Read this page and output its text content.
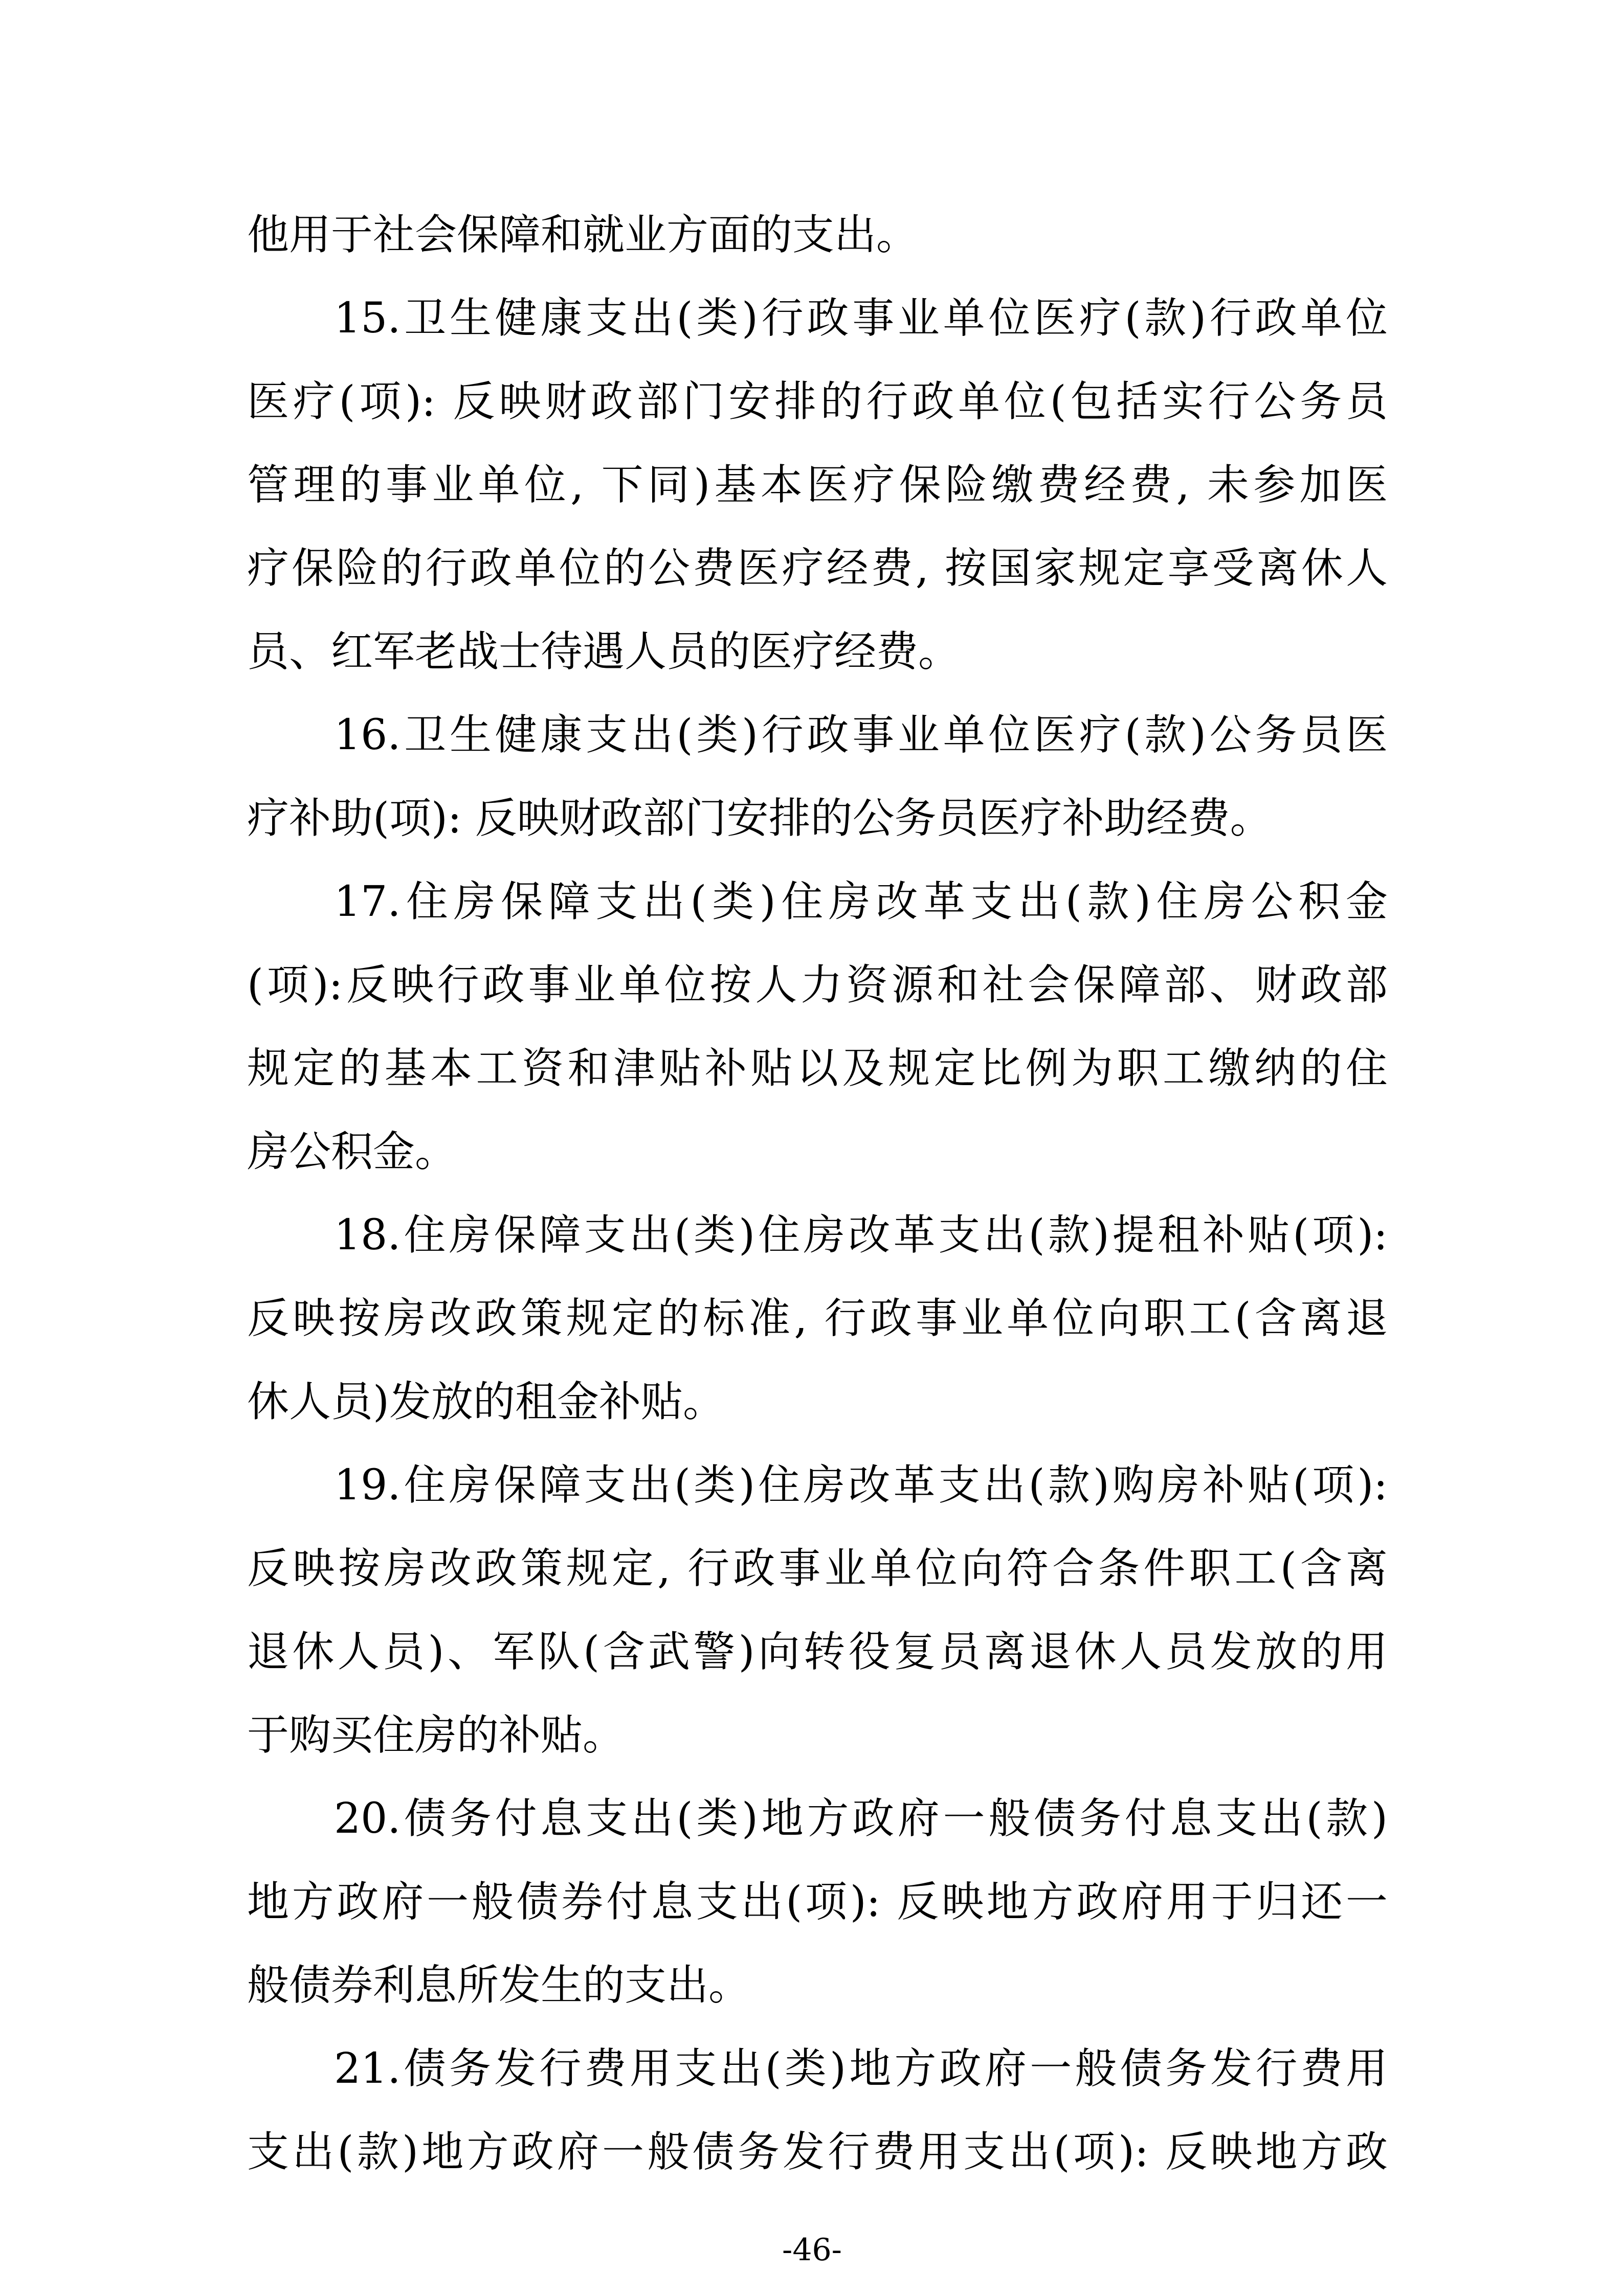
他用于社会保障和就业方面的支出。
15.卫生健康支出(类)行政事业单位医疗(款)行政单位
医疗(项): 反映财政部门安排的行政单位(包括实行公务员
管理的事业单位, 下同)基本医疗保险缴费经费, 未参加医
疗保险的行政单位的公费医疗经费, 按国家规定享受离休人
员、红军老战士待遇人员的医疗经费。
16.卫生健康支出(类)行政事业单位医疗(款)公务员医
疗补助(项): 反映财政部门安排的公务员医疗补助经费。
17.住房保障支出(类)住房改革支出(款)住房公积金
(项):反映行政事业单位按人力资源和社会保障部、财政部
规定的基本工资和津贴补贴以及规定比例为职工缴纳的住
房公积金。
18.住房保障支出(类)住房改革支出(款)提租补贴(项):
反映按房改政策规定的标准, 行政事业单位向职工(含离退
休人员)发放的租金补贴。
19.住房保障支出(类)住房改革支出(款)购房补贴(项):
反映按房改政策规定, 行政事业单位向符合条件职工(含离
退休人员)、军队(含武警)向转役复员离退休人员发放的用
于购买住房的补贴。
20.债务付息支出(类)地方政府一般债务付息支出(款)
地方政府一般债券付息支出(项): 反映地方政府用于归还一
般债券利息所发生的支出。
21.债务发行费用支出(类)地方政府一般债务发行费用
支出(款)地方政府一般债务发行费用支出(项): 反映地方政
-46-
